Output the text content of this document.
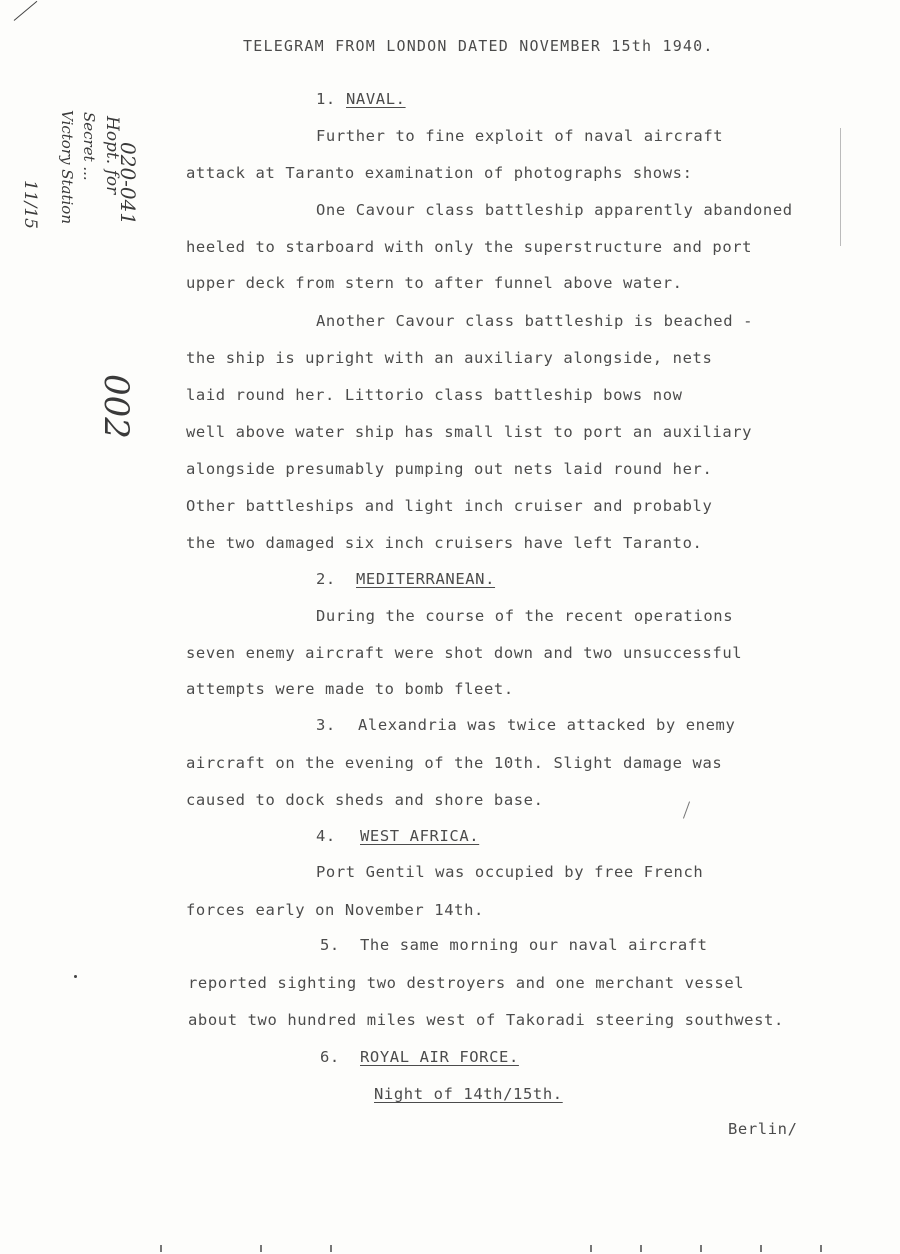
TELEGRAM FROM LONDON DATED NOVEMBER 15th 1940.
020-041
Hopt. for
Secret ...
Victory Station
11/15
002
1. NAVAL.
Further to fine exploit of naval aircraft
attack at Taranto examination of photographs shows:
One Cavour class battleship apparently abandoned
heeled to starboard with only the superstructure and port
upper deck from stern to after funnel above water.
Another Cavour class battleship is beached -
the ship is upright with an auxiliary alongside, nets
laid round her. Littorio class battleship bows now
well above water ship has small list to port an auxiliary
alongside presumably pumping out nets laid round her.
Other battleships and light inch cruiser and probably
the two damaged six inch cruisers have left Taranto.
2. MEDITERRANEAN.
During the course of the recent operations
seven enemy aircraft were shot down and two unsuccessful
attempts were made to bomb fleet.
3. Alexandria was twice attacked by enemy
aircraft on the evening of the 10th. Slight damage was
caused to dock sheds and shore base.
4. WEST AFRICA.
Port Gentil was occupied by free French
forces early on November 14th.
5. The same morning our naval aircraft
reported sighting two destroyers and one merchant vessel
about two hundred miles west of Takoradi steering southwest.
6. ROYAL AIR FORCE.
Night of 14th/15th.
Berlin/
